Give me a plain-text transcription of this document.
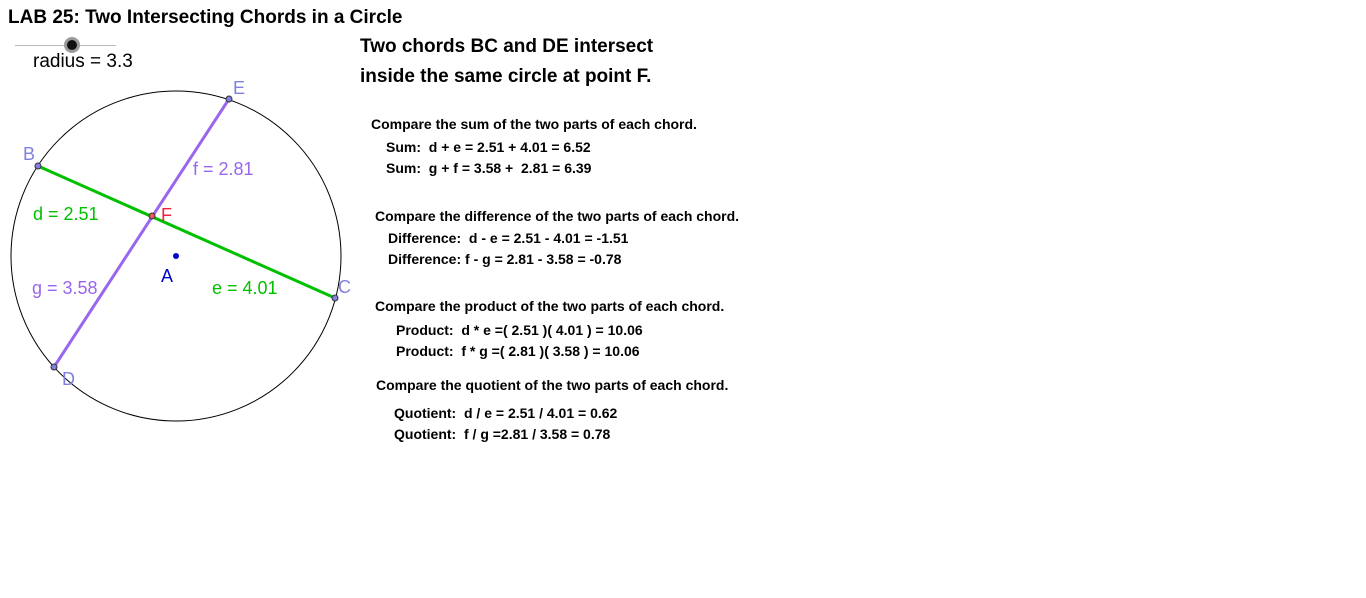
LAB 25: Two Intersecting Chords in a Circle
radius = 3.3
B
C
E
D
F
A
d = 2.51
e = 4.01
f = 2.81
g = 3.58
Two chords BC and DE intersect
inside the same circle at point F.
Compare the sum of the two parts of each chord.
Sum:  d + e = 2.51 + 4.01 = 6.52
Sum:  g + f = 3.58 +  2.81 = 6.39
Compare the difference of the two parts of each chord.
Difference:  d - e = 2.51 - 4.01 = -1.51
Difference: f - g = 2.81 - 3.58 = -0.78
Compare the product of the two parts of each chord.
Product:  d * e =( 2.51 )( 4.01 ) = 10.06
Product:  f * g =( 2.81 )( 3.58 ) = 10.06
Compare the quotient of the two parts of each chord.
Quotient:  d / e = 2.51 / 4.01 = 0.62
Quotient:  f / g =2.81 / 3.58 = 0.78
